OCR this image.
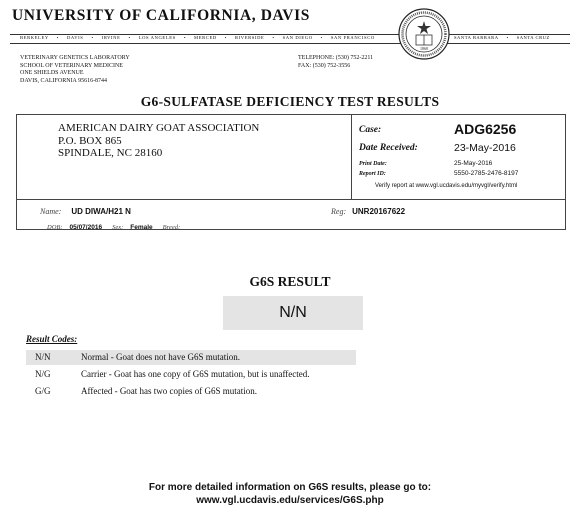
UNIVERSITY OF CALIFORNIA, DAVIS
BERKELEY • DAVIS • IRVINE • LOS ANGELES • MERCED • RIVERSIDE • SAN DIEGO • SAN FRANCISCO	SANTA BARBARA • SANTA CRUZ
1868
VETERINARY GENETICS LABORATORY
SCHOOL OF VETERINARY MEDICINE
ONE SHIELDS AVENUE
DAVIS, CALIFORNIA 95616-8744
TELEPHONE: (530) 752-2211
FAX: (530) 752-3556
G6-SULFATASE DEFICIENCY TEST RESULTS
AMERICAN DAIRY GOAT ASSOCIATION
P.O. BOX 865
SPINDALE, NC 28160
Case:	ADG6256
Date Received:	23-May-2016
Print Date:	25-May-2016
Report ID:	5550-2785-2476-8197
Verify report at www.vgl.ucdavis.edu/myvgl/verify.html
Name: UD DIWA/H21 N	Reg: UNR20167622
DOB: 05/07/2016 Sex: Female Breed:
G6S RESULT
N/N
Result Codes:
N/N	Normal - Goat does not have G6S mutation.
N/G	Carrier - Goat has one copy of G6S mutation, but is unaffected.
G/G	Affected - Goat has two copies of G6S mutation.
For more detailed information on G6S results, please go to:
www.vgl.ucdavis.edu/services/G6S.php
